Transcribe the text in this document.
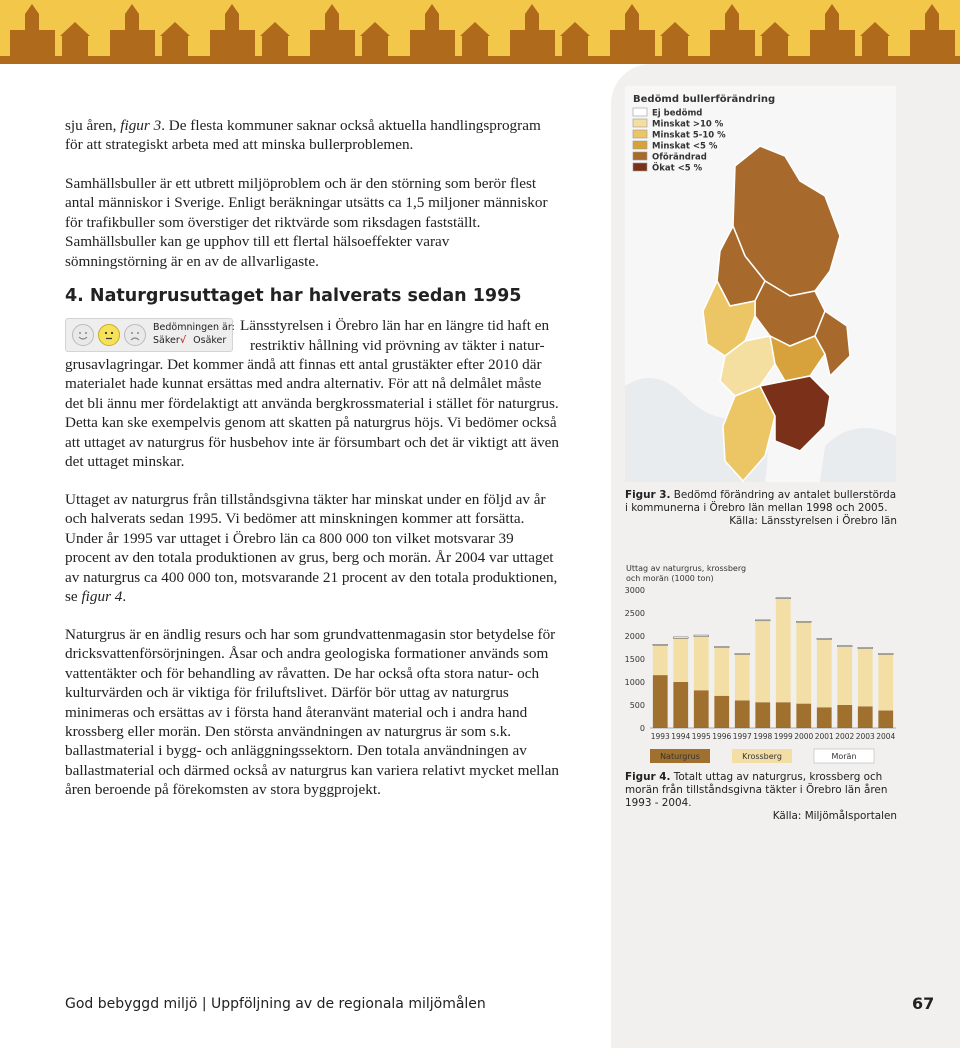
sju åren, figur 3. De flesta kommuner saknar också aktuella handlingsprogram för att strategiskt arbeta med att minska bullerproblemen.

Samhällsbuller är ett utbrett miljöproblem och är den störning som berör flest antal människor i Sverige. Enligt beräkningar utsätts ca 1,5 miljoner människor för trafikbuller som överstiger det riktvärde som riksdagen fastställt. Samhällsbuller kan ge upphov till ett flertal hälsoeffekter varav sömningstörning är en av de allvarligaste.

4. Naturgrusuttaget har halverats sedan 1995
Bedömningen är:
Säker√ Osäker

Länsstyrelsen i Örebro län har en längre tid haft en

restriktiv hållning vid prövning av täkter i natur-

grusavlagringar. Det kommer ändå att finnas ett antal grustäkter efter 2010 där materialet hade kunnat ersättas med andra alternativ. För att nå delmålet måste det bli ännu mer fördelaktigt att använda bergkrossmaterial i stället för naturgrus. Detta kan ske exempelvis genom att skatten på naturgrus höjs. Vi bedömer också att uttaget av naturgrus för husbehov inte är försumbart och det är viktigt att även det uttaget minskar.

Uttaget av naturgrus från tillståndsgivna täkter har minskat under en följd av år och halverats sedan 1995. Vi bedömer att minskningen kommer att forsätta. Under år 1995 var uttaget i Örebro län ca 800 000 ton vilket motsvarar 39 procent av den totala produktionen av grus, berg och morän. År 2004 var uttaget av naturgrus ca 400 000 ton, motsvarande 21 procent av den totala produktionen, se figur 4.

Naturgrus är en ändlig resurs och har som grundvattenmagasin stor betydelse för dricksvattenförsörjningen. Åsar och andra geologiska formationer används som vattentäkter och för behandling av råvatten. De har också ofta stora natur- och kulturvärden och är viktiga för friluftslivet. Därför bör uttag av naturgrus minimeras och ersättas av i första hand återanvänt material och i andra hand krossberg eller morän. Den största användningen av naturgrus är som s.k. ballastmaterial i bygg- och anläggningssektorn. Den totala användningen av ballastmaterial och därmed också av naturgrus kan variera relativt mycket mellan åren beroende på förekomsten av stora byggprojekt.

Bedömd bullerförändring
Ej bedömd
Minskat >10 %
Minskat 5-10 %
Minskat <5 %
Oförändrad
Ökat <5 %
Figur 3. Bedömd förändring av antalet bullerstörda i kommunerna i Örebro län mellan 1998 och 2005.
Källa: Länsstyrelsen i Örebro län
Uttag av naturgrus, krossberg
och morän (1000 ton)
0
500
1000
1500
2000
2500
3000
1993 1994 1995 1996 1997 1998 1999 2000 2001 2002 2003 2004
Naturgrus	Krossberg	Morän
Figur 4. Totalt uttag av naturgrus, krossberg och morän från tillståndsgivna täkter i Örebro län åren 1993 - 2004.
Källa: Miljömålsportalen
God bebyggd miljö | Uppföljning av de regionala miljömålen	67
